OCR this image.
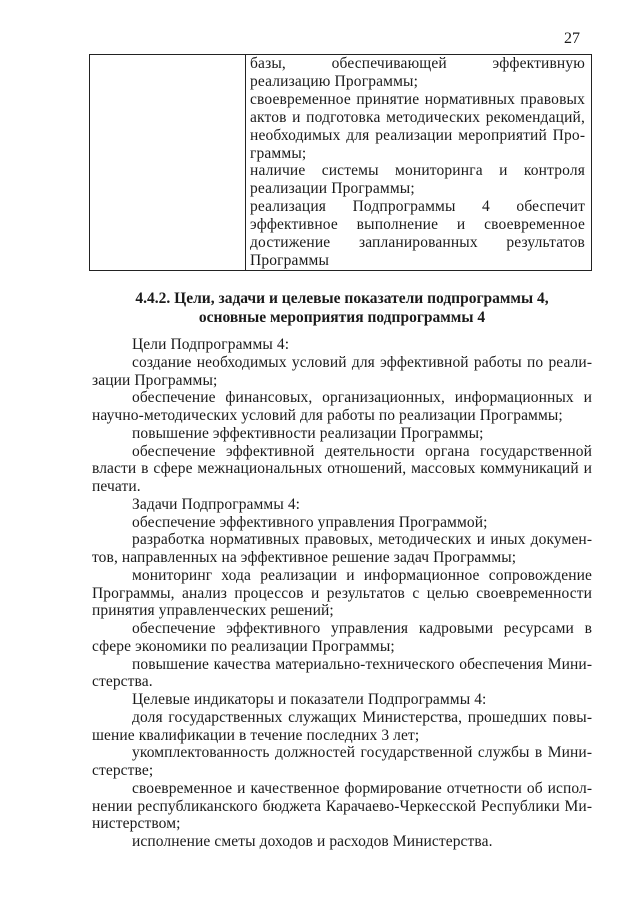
27

базы, обеспечивающей эффективную реализацию Программы;

своевременное принятие нормативных правовых актов и подготовка методических рекомендаций, необходимых для реализации мероприятий Программы;

наличие системы мониторинга и контроля реализации Программы;

реализация Подпрограммы 4 обеспечит эффективное выполнение и своевременное достижение запланированных результатов Программы

4.4.2. Цели, задачи и целевые показатели подпрограммы 4,
основные мероприятия подпрограммы 4

Цели Подпрограммы 4:

создание необходимых условий для эффективной работы по реализации Программы;

обеспечение финансовых, организационных, информационных и научно-методических условий для работы по реализации Программы;

повышение эффективности реализации Программы;

обеспечение эффективной деятельности органа государственной власти в сфере межнациональных отношений, массовых коммуникаций и печати.

Задачи Подпрограммы 4:

обеспечение эффективного управления Программой;

разработка нормативных правовых, методических и иных документов, направленных на эффективное решение задач Программы;

мониторинг хода реализации и информационное сопровождение Программы, анализ процессов и результатов с целью своевременности принятия управленческих решений;

обеспечение эффективного управления кадровыми ресурсами в сфере экономики по реализации Программы;

повышение качества материально-технического обеспечения Министерства.

Целевые индикаторы и показатели Подпрограммы 4:

доля государственных служащих Министерства, прошедших повышение квалификации в течение последних 3 лет;

укомплектованность должностей государственной службы в Министерстве;

своевременное и качественное формирование отчетности об исполнении республиканского бюджета Карачаево-Черкесской Республики Министерством;

исполнение сметы доходов и расходов Министерства.
